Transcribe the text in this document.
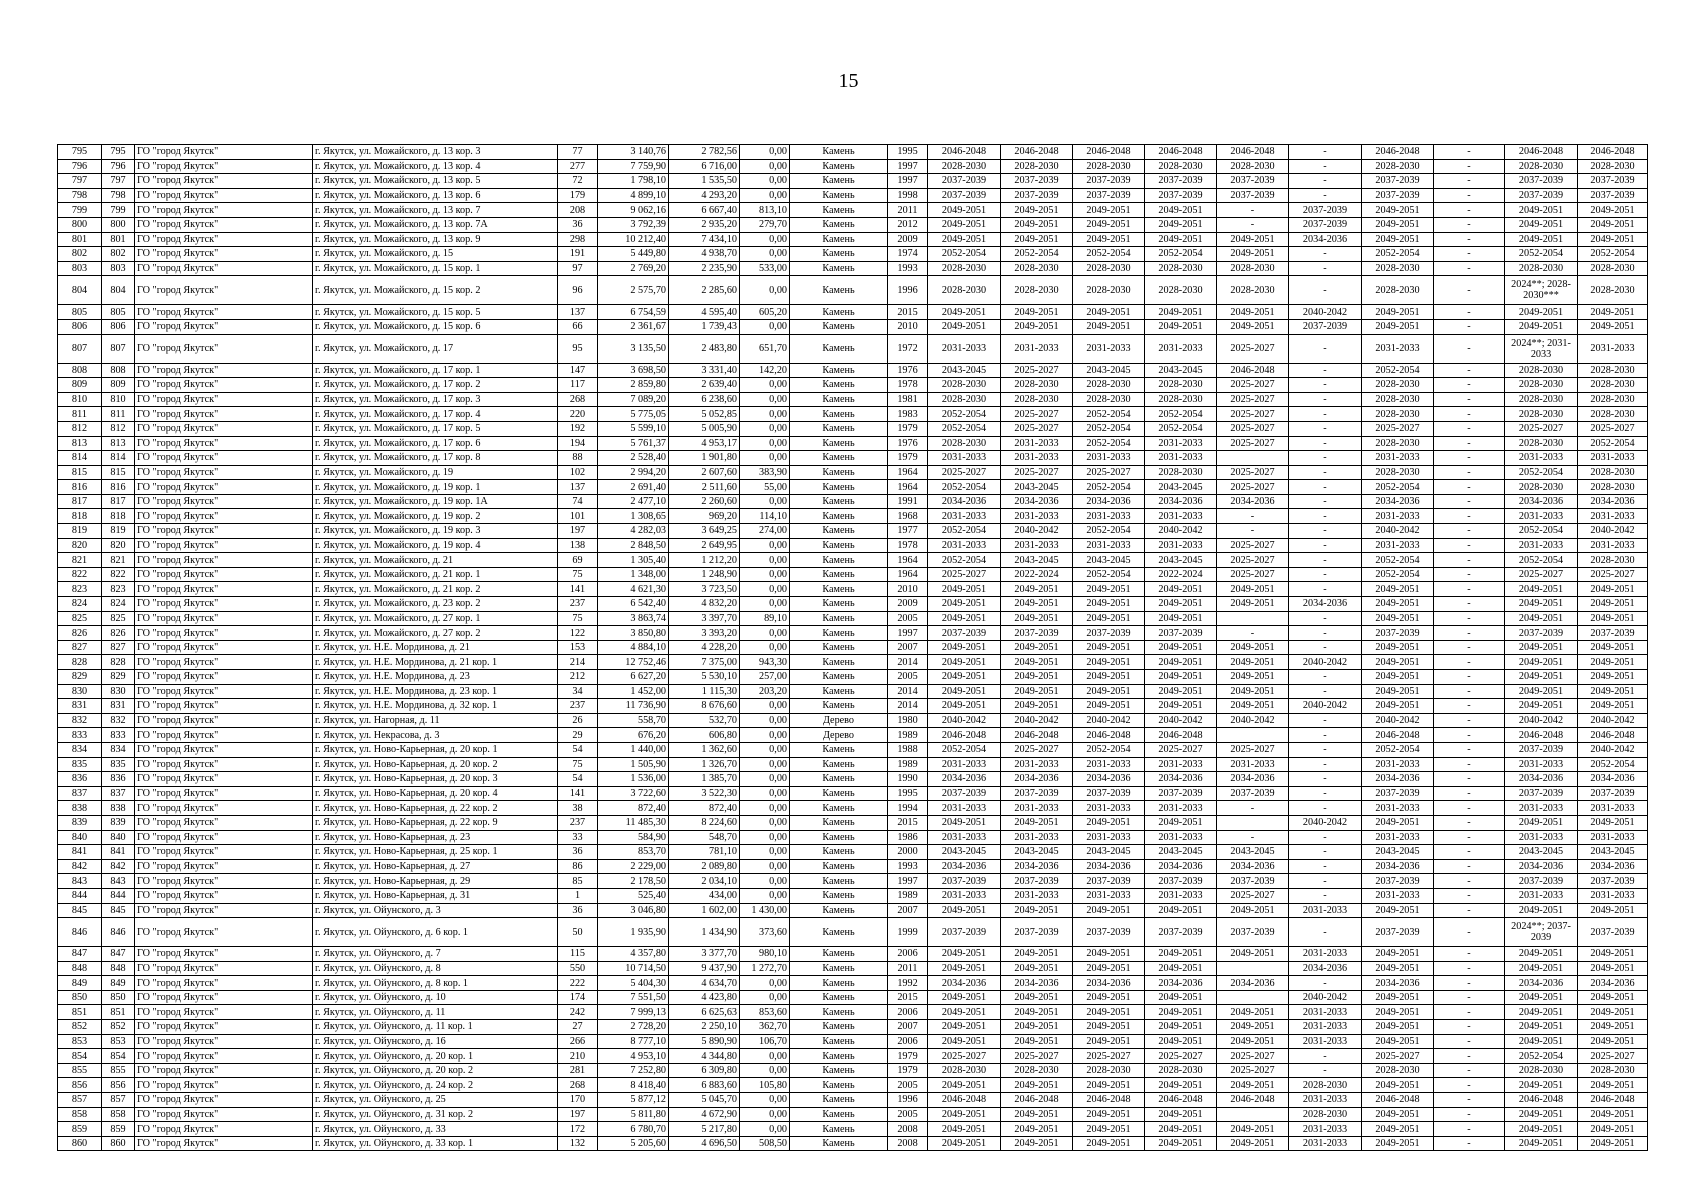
15
795	795	ГО "город Якутск"	г. Якутск, ул. Можайского, д. 13 кор. 3	77	3 140,76	2 782,56	0,00	Камень	1995	2046-2048	2046-2048	2046-2048	2046-2048	2046-2048	-	2046-2048	-	2046-2048	2046-2048
796	796	ГО "город Якутск"	г. Якутск, ул. Можайского, д. 13 кор. 4	277	7 759,90	6 716,00	0,00	Камень	1997	2028-2030	2028-2030	2028-2030	2028-2030	2028-2030	-	2028-2030	-	2028-2030	2028-2030
797	797	ГО "город Якутск"	г. Якутск, ул. Можайского, д. 13 кор. 5	72	1 798,10	1 535,50	0,00	Камень	1997	2037-2039	2037-2039	2037-2039	2037-2039	2037-2039	-	2037-2039	-	2037-2039	2037-2039
798	798	ГО "город Якутск"	г. Якутск, ул. Можайского, д. 13 кор. 6	179	4 899,10	4 293,20	0,00	Камень	1998	2037-2039	2037-2039	2037-2039	2037-2039	2037-2039	-	2037-2039	-	2037-2039	2037-2039
799	799	ГО "город Якутск"	г. Якутск, ул. Можайского, д. 13 кор. 7	208	9 062,16	6 667,40	813,10	Камень	2011	2049-2051	2049-2051	2049-2051	2049-2051	-	2037-2039	2049-2051	-	2049-2051	2049-2051
800	800	ГО "город Якутск"	г. Якутск, ул. Можайского, д. 13 кор. 7А	36	3 792,39	2 935,20	279,70	Камень	2012	2049-2051	2049-2051	2049-2051	2049-2051	-	2037-2039	2049-2051	-	2049-2051	2049-2051
801	801	ГО "город Якутск"	г. Якутск, ул. Можайского, д. 13 кор. 9	298	10 212,40	7 434,10	0,00	Камень	2009	2049-2051	2049-2051	2049-2051	2049-2051	2049-2051	2034-2036	2049-2051	-	2049-2051	2049-2051
802	802	ГО "город Якутск"	г. Якутск, ул. Можайского, д. 15	191	5 449,80	4 938,70	0,00	Камень	1974	2052-2054	2052-2054	2052-2054	2052-2054	2049-2051	-	2052-2054	-	2052-2054	2052-2054
803	803	ГО "город Якутск"	г. Якутск, ул. Можайского, д. 15 кор. 1	97	2 769,20	2 235,90	533,00	Камень	1993	2028-2030	2028-2030	2028-2030	2028-2030	2028-2030	-	2028-2030	-	2028-2030	2028-2030
804	804	ГО "город Якутск"	г. Якутск, ул. Можайского, д. 15 кор. 2	96	2 575,70	2 285,60	0,00	Камень	1996	2028-2030	2028-2030	2028-2030	2028-2030	2028-2030	-	2028-2030	-	2024**; 2028-2030***	2028-2030
805	805	ГО "город Якутск"	г. Якутск, ул. Можайского, д. 15 кор. 5	137	6 754,59	4 595,40	605,20	Камень	2015	2049-2051	2049-2051	2049-2051	2049-2051	2049-2051	2040-2042	2049-2051	-	2049-2051	2049-2051
806	806	ГО "город Якутск"	г. Якутск, ул. Можайского, д. 15 кор. 6	66	2 361,67	1 739,43	0,00	Камень	2010	2049-2051	2049-2051	2049-2051	2049-2051	2049-2051	2037-2039	2049-2051	-	2049-2051	2049-2051
807	807	ГО "город Якутск"	г. Якутск, ул. Можайского, д. 17	95	3 135,50	2 483,80	651,70	Камень	1972	2031-2033	2031-2033	2031-2033	2031-2033	2025-2027	-	2031-2033	-	2024**; 2031-2033	2031-2033
808	808	ГО "город Якутск"	г. Якутск, ул. Можайского, д. 17 кор. 1	147	3 698,50	3 331,40	142,20	Камень	1976	2043-2045	2025-2027	2043-2045	2043-2045	2046-2048	-	2052-2054	-	2028-2030	2028-2030
809	809	ГО "город Якутск"	г. Якутск, ул. Можайского, д. 17 кор. 2	117	2 859,80	2 639,40	0,00	Камень	1978	2028-2030	2028-2030	2028-2030	2028-2030	2025-2027	-	2028-2030	-	2028-2030	2028-2030
810	810	ГО "город Якутск"	г. Якутск, ул. Можайского, д. 17 кор. 3	268	7 089,20	6 238,60	0,00	Камень	1981	2028-2030	2028-2030	2028-2030	2028-2030	2025-2027	-	2028-2030	-	2028-2030	2028-2030
811	811	ГО "город Якутск"	г. Якутск, ул. Можайского, д. 17 кор. 4	220	5 775,05	5 052,85	0,00	Камень	1983	2052-2054	2025-2027	2052-2054	2052-2054	2025-2027	-	2028-2030	-	2028-2030	2028-2030
812	812	ГО "город Якутск"	г. Якутск, ул. Можайского, д. 17 кор. 5	192	5 599,10	5 005,90	0,00	Камень	1979	2052-2054	2025-2027	2052-2054	2052-2054	2025-2027	-	2025-2027	-	2025-2027	2025-2027
813	813	ГО "город Якутск"	г. Якутск, ул. Можайского, д. 17 кор. 6	194	5 761,37	4 953,17	0,00	Камень	1976	2028-2030	2031-2033	2052-2054	2031-2033	2025-2027	-	2028-2030	-	2028-2030	2052-2054
814	814	ГО "город Якутск"	г. Якутск, ул. Можайского, д. 17 кор. 8	88	2 528,40	1 901,80	0,00	Камень	1979	2031-2033	2031-2033	2031-2033	2031-2033		-	2031-2033	-	2031-2033	2031-2033
815	815	ГО "город Якутск"	г. Якутск, ул. Можайского, д. 19	102	2 994,20	2 607,60	383,90	Камень	1964	2025-2027	2025-2027	2025-2027	2028-2030	2025-2027	-	2028-2030	-	2052-2054	2028-2030
816	816	ГО "город Якутск"	г. Якутск, ул. Можайского, д. 19 кор. 1	137	2 691,40	2 511,60	55,00	Камень	1964	2052-2054	2043-2045	2052-2054	2043-2045	2025-2027	-	2052-2054	-	2028-2030	2028-2030
817	817	ГО "город Якутск"	г. Якутск, ул. Можайского, д. 19 кор. 1А	74	2 477,10	2 260,60	0,00	Камень	1991	2034-2036	2034-2036	2034-2036	2034-2036	2034-2036	-	2034-2036	-	2034-2036	2034-2036
818	818	ГО "город Якутск"	г. Якутск, ул. Можайского, д. 19 кор. 2	101	1 308,65	969,20	114,10	Камень	1968	2031-2033	2031-2033	2031-2033	2031-2033	-	-	2031-2033	-	2031-2033	2031-2033
819	819	ГО "город Якутск"	г. Якутск, ул. Можайского, д. 19 кор. 3	197	4 282,03	3 649,25	274,00	Камень	1977	2052-2054	2040-2042	2052-2054	2040-2042	-	-	2040-2042	-	2052-2054	2040-2042
820	820	ГО "город Якутск"	г. Якутск, ул. Можайского, д. 19 кор. 4	138	2 848,50	2 649,95	0,00	Камень	1978	2031-2033	2031-2033	2031-2033	2031-2033	2025-2027	-	2031-2033	-	2031-2033	2031-2033
821	821	ГО "город Якутск"	г. Якутск, ул. Можайского, д. 21	69	1 305,40	1 212,20	0,00	Камень	1964	2052-2054	2043-2045	2043-2045	2043-2045	2025-2027	-	2052-2054	-	2052-2054	2028-2030
822	822	ГО "город Якутск"	г. Якутск, ул. Можайского, д. 21 кор. 1	75	1 348,00	1 248,90	0,00	Камень	1964	2025-2027	2022-2024	2052-2054	2022-2024	2025-2027	-	2052-2054	-	2025-2027	2025-2027
823	823	ГО "город Якутск"	г. Якутск, ул. Можайского, д. 21 кор. 2	141	4 621,30	3 723,50	0,00	Камень	2010	2049-2051	2049-2051	2049-2051	2049-2051	2049-2051	-	2049-2051	-	2049-2051	2049-2051
824	824	ГО "город Якутск"	г. Якутск, ул. Можайского, д. 23 кор. 2	237	6 542,40	4 832,20	0,00	Камень	2009	2049-2051	2049-2051	2049-2051	2049-2051	2049-2051	2034-2036	2049-2051	-	2049-2051	2049-2051
825	825	ГО "город Якутск"	г. Якутск, ул. Можайского, д. 27 кор. 1	75	3 863,74	3 397,70	89,10	Камень	2005	2049-2051	2049-2051	2049-2051	2049-2051		-	2049-2051	-	2049-2051	2049-2051
826	826	ГО "город Якутск"	г. Якутск, ул. Можайского, д. 27 кор. 2	122	3 850,80	3 393,20	0,00	Камень	1997	2037-2039	2037-2039	2037-2039	2037-2039	-	-	2037-2039	-	2037-2039	2037-2039
827	827	ГО "город Якутск"	г. Якутск, ул. Н.Е. Мординова, д. 21	153	4 884,10	4 228,20	0,00	Камень	2007	2049-2051	2049-2051	2049-2051	2049-2051	2049-2051	-	2049-2051	-	2049-2051	2049-2051
828	828	ГО "город Якутск"	г. Якутск, ул. Н.Е. Мординова, д. 21 кор. 1	214	12 752,46	7 375,00	943,30	Камень	2014	2049-2051	2049-2051	2049-2051	2049-2051	2049-2051	2040-2042	2049-2051	-	2049-2051	2049-2051
829	829	ГО "город Якутск"	г. Якутск, ул. Н.Е. Мординова, д. 23	212	6 627,20	5 530,10	257,00	Камень	2005	2049-2051	2049-2051	2049-2051	2049-2051	2049-2051	-	2049-2051	-	2049-2051	2049-2051
830	830	ГО "город Якутск"	г. Якутск, ул. Н.Е. Мординова, д. 23 кор. 1	34	1 452,00	1 115,30	203,20	Камень	2014	2049-2051	2049-2051	2049-2051	2049-2051	2049-2051	-	2049-2051	-	2049-2051	2049-2051
831	831	ГО "город Якутск"	г. Якутск, ул. Н.Е. Мординова, д. 32 кор. 1	237	11 736,90	8 676,60	0,00	Камень	2014	2049-2051	2049-2051	2049-2051	2049-2051	2049-2051	2040-2042	2049-2051	-	2049-2051	2049-2051
832	832	ГО "город Якутск"	г. Якутск, ул. Нагорная, д. 11	26	558,70	532,70	0,00	Дерево	1980	2040-2042	2040-2042	2040-2042	2040-2042	2040-2042	-	2040-2042	-	2040-2042	2040-2042
833	833	ГО "город Якутск"	г. Якутск, ул. Некрасова, д. 3	29	676,20	606,80	0,00	Дерево	1989	2046-2048	2046-2048	2046-2048	2046-2048		-	2046-2048	-	2046-2048	2046-2048
834	834	ГО "город Якутск"	г. Якутск, ул. Ново-Карьерная, д. 20 кор. 1	54	1 440,00	1 362,60	0,00	Камень	1988	2052-2054	2025-2027	2052-2054	2025-2027	2025-2027	-	2052-2054	-	2037-2039	2040-2042
835	835	ГО "город Якутск"	г. Якутск, ул. Ново-Карьерная, д. 20 кор. 2	75	1 505,90	1 326,70	0,00	Камень	1989	2031-2033	2031-2033	2031-2033	2031-2033	2031-2033	-	2031-2033	-	2031-2033	2052-2054
836	836	ГО "город Якутск"	г. Якутск, ул. Ново-Карьерная, д. 20 кор. 3	54	1 536,00	1 385,70	0,00	Камень	1990	2034-2036	2034-2036	2034-2036	2034-2036	2034-2036	-	2034-2036	-	2034-2036	2034-2036
837	837	ГО "город Якутск"	г. Якутск, ул. Ново-Карьерная, д. 20 кор. 4	141	3 722,60	3 522,30	0,00	Камень	1995	2037-2039	2037-2039	2037-2039	2037-2039	2037-2039	-	2037-2039	-	2037-2039	2037-2039
838	838	ГО "город Якутск"	г. Якутск, ул. Ново-Карьерная, д. 22 кор. 2	38	872,40	872,40	0,00	Камень	1994	2031-2033	2031-2033	2031-2033	2031-2033	-	-	2031-2033	-	2031-2033	2031-2033
839	839	ГО "город Якутск"	г. Якутск, ул. Ново-Карьерная, д. 22 кор. 9	237	11 485,30	8 224,60	0,00	Камень	2015	2049-2051	2049-2051	2049-2051	2049-2051		2040-2042	2049-2051	-	2049-2051	2049-2051
840	840	ГО "город Якутск"	г. Якутск, ул. Ново-Карьерная, д. 23	33	584,90	548,70	0,00	Камень	1986	2031-2033	2031-2033	2031-2033	2031-2033	-	-	2031-2033	-	2031-2033	2031-2033
841	841	ГО "город Якутск"	г. Якутск, ул. Ново-Карьерная, д. 25 кор. 1	36	853,70	781,10	0,00	Камень	2000	2043-2045	2043-2045	2043-2045	2043-2045	2043-2045	-	2043-2045	-	2043-2045	2043-2045
842	842	ГО "город Якутск"	г. Якутск, ул. Ново-Карьерная, д. 27	86	2 229,00	2 089,80	0,00	Камень	1993	2034-2036	2034-2036	2034-2036	2034-2036	2034-2036	-	2034-2036	-	2034-2036	2034-2036
843	843	ГО "город Якутск"	г. Якутск, ул. Ново-Карьерная, д. 29	85	2 178,50	2 034,10	0,00	Камень	1997	2037-2039	2037-2039	2037-2039	2037-2039	2037-2039	-	2037-2039	-	2037-2039	2037-2039
844	844	ГО "город Якутск"	г. Якутск, ул. Ново-Карьерная, д. 31	1	525,40	434,00	0,00	Камень	1989	2031-2033	2031-2033	2031-2033	2031-2033	2025-2027	-	2031-2033	-	2031-2033	2031-2033
845	845	ГО "город Якутск"	г. Якутск, ул. Ойунского, д. 3	36	3 046,80	1 602,00	1 430,00	Камень	2007	2049-2051	2049-2051	2049-2051	2049-2051	2049-2051	2031-2033	2049-2051	-	2049-2051	2049-2051
846	846	ГО "город Якутск"	г. Якутск, ул. Ойунского, д. 6 кор. 1	50	1 935,90	1 434,90	373,60	Камень	1999	2037-2039	2037-2039	2037-2039	2037-2039	2037-2039	-	2037-2039	-	2024**; 2037-2039	2037-2039
847	847	ГО "город Якутск"	г. Якутск, ул. Ойунского, д. 7	115	4 357,80	3 377,70	980,10	Камень	2006	2049-2051	2049-2051	2049-2051	2049-2051	2049-2051	2031-2033	2049-2051	-	2049-2051	2049-2051
848	848	ГО "город Якутск"	г. Якутск, ул. Ойунского, д. 8	550	10 714,50	9 437,90	1 272,70	Камень	2011	2049-2051	2049-2051	2049-2051	2049-2051		2034-2036	2049-2051	-	2049-2051	2049-2051
849	849	ГО "город Якутск"	г. Якутск, ул. Ойунского, д. 8 кор. 1	222	5 404,30	4 634,70	0,00	Камень	1992	2034-2036	2034-2036	2034-2036	2034-2036	2034-2036	-	2034-2036	-	2034-2036	2034-2036
850	850	ГО "город Якутск"	г. Якутск, ул. Ойунского, д. 10	174	7 551,50	4 423,80	0,00	Камень	2015	2049-2051	2049-2051	2049-2051	2049-2051		2040-2042	2049-2051	-	2049-2051	2049-2051
851	851	ГО "город Якутск"	г. Якутск, ул. Ойунского, д. 11	242	7 999,13	6 625,63	853,60	Камень	2006	2049-2051	2049-2051	2049-2051	2049-2051	2049-2051	2031-2033	2049-2051	-	2049-2051	2049-2051
852	852	ГО "город Якутск"	г. Якутск, ул. Ойунского, д. 11 кор. 1	27	2 728,20	2 250,10	362,70	Камень	2007	2049-2051	2049-2051	2049-2051	2049-2051	2049-2051	2031-2033	2049-2051	-	2049-2051	2049-2051
853	853	ГО "город Якутск"	г. Якутск, ул. Ойунского, д. 16	266	8 777,10	5 890,90	106,70	Камень	2006	2049-2051	2049-2051	2049-2051	2049-2051	2049-2051	2031-2033	2049-2051	-	2049-2051	2049-2051
854	854	ГО "город Якутск"	г. Якутск, ул. Ойунского, д. 20 кор. 1	210	4 953,10	4 344,80	0,00	Камень	1979	2025-2027	2025-2027	2025-2027	2025-2027	2025-2027	-	2025-2027	-	2052-2054	2025-2027
855	855	ГО "город Якутск"	г. Якутск, ул. Ойунского, д. 20 кор. 2	281	7 252,80	6 309,80	0,00	Камень	1979	2028-2030	2028-2030	2028-2030	2028-2030	2025-2027	-	2028-2030	-	2028-2030	2028-2030
856	856	ГО "город Якутск"	г. Якутск, ул. Ойунского, д. 24 кор. 2	268	8 418,40	6 883,60	105,80	Камень	2005	2049-2051	2049-2051	2049-2051	2049-2051	2049-2051	2028-2030	2049-2051	-	2049-2051	2049-2051
857	857	ГО "город Якутск"	г. Якутск, ул. Ойунского, д. 25	170	5 877,12	5 045,70	0,00	Камень	1996	2046-2048	2046-2048	2046-2048	2046-2048	2046-2048	2031-2033	2046-2048	-	2046-2048	2046-2048
858	858	ГО "город Якутск"	г. Якутск, ул. Ойунского, д. 31 кор. 2	197	5 811,80	4 672,90	0,00	Камень	2005	2049-2051	2049-2051	2049-2051	2049-2051		2028-2030	2049-2051	-	2049-2051	2049-2051
859	859	ГО "город Якутск"	г. Якутск, ул. Ойунского, д. 33	172	6 780,70	5 217,80	0,00	Камень	2008	2049-2051	2049-2051	2049-2051	2049-2051	2049-2051	2031-2033	2049-2051	-	2049-2051	2049-2051
860	860	ГО "город Якутск"	г. Якутск, ул. Ойунского, д. 33 кор. 1	132	5 205,60	4 696,50	508,50	Камень	2008	2049-2051	2049-2051	2049-2051	2049-2051	2049-2051	2031-2033	2049-2051	-	2049-2051	2049-2051
